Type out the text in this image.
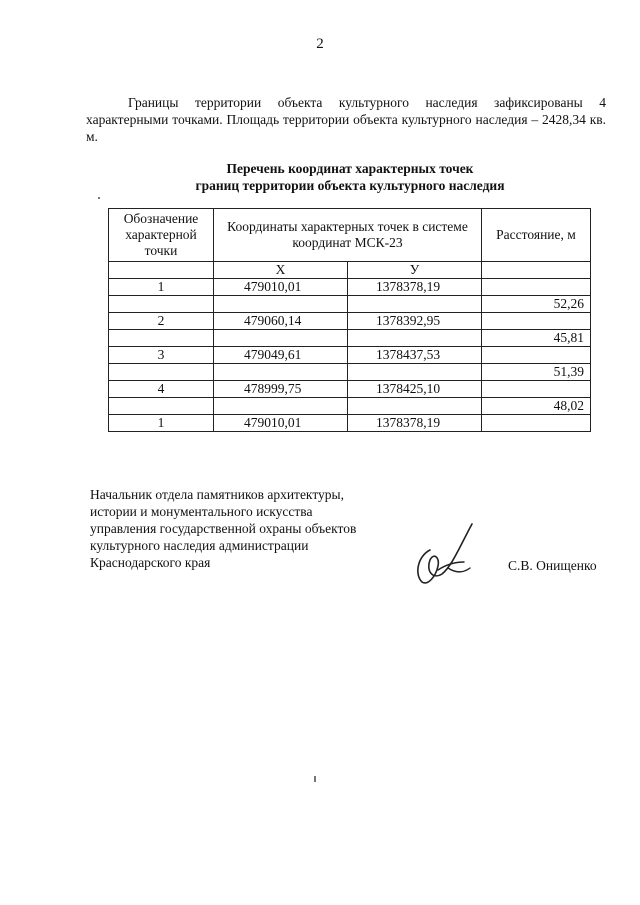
2

Границы территории объекта культурного наследия зафиксированы 4 характерными точками. Площадь территории объекта культурного наследия – 2428,34 кв. м.

Перечень координат характерных точек
границ территории объекта культурного наследия
Обозначение характерной точки	Координаты характерных точек в системе координат МСК-23		Расстояние, м
	Х	У	
1	479010,01	1378378,19	
			52,26
2	479060,14	1378392,95	
			45,81
3	479049,61	1378437,53	
			51,39
4	478999,75	1378425,10	
			48,02
1	479010,01	1378378,19	
Начальник отдела памятников архитектуры,
истории и монументального искусства
управления государственной охраны объектов
культурного наследия администрации
Краснодарского края	С.В. Онищенко
